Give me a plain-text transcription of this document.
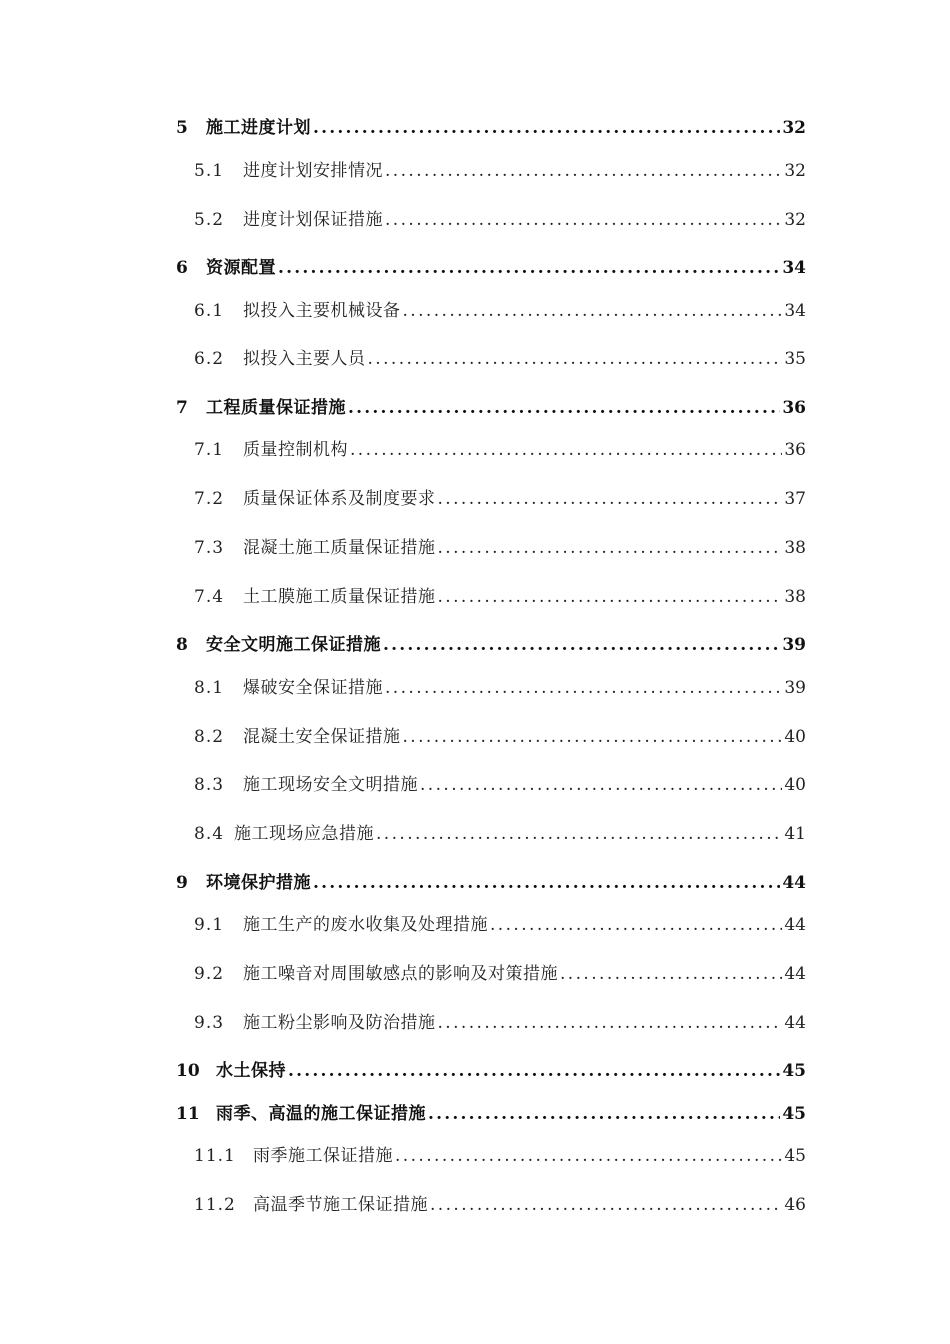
5	施工进度计划 .....	32
5.1	进度计划安排情况 .....	32
5.2	进度计划保证措施 .....	32
6	资源配置 .....	34
6.1	拟投入主要机械设备 .....	34
6.2	拟投入主要人员 .....	35
7	工程质量保证措施 .....	36
7.1	质量控制机构 .....	36
7.2	质量保证体系及制度要求 .....	37
7.3	混凝土施工质量保证措施 .....	38
7.4	土工膜施工质量保证措施 .....	38
8	安全文明施工保证措施 .....	39
8.1	爆破安全保证措施 .....	39
8.2	混凝土安全保证措施 .....	40
8.3	施工现场安全文明措施 .....	40
8.4 施工现场应急措施 .....	41
9	环境保护措施 .....	44
9.1	施工生产的废水收集及处理措施 .....	44
9.2	施工噪音对周围敏感点的影响及对策措施 .....	44
9.3	施工粉尘影响及防治措施 .....	44
10 水土保持 .....	45
11 雨季、高温的施工保证措施 .....	45
11.1	雨季施工保证措施 .....	45
11.2	高温季节施工保证措施 .....	46
